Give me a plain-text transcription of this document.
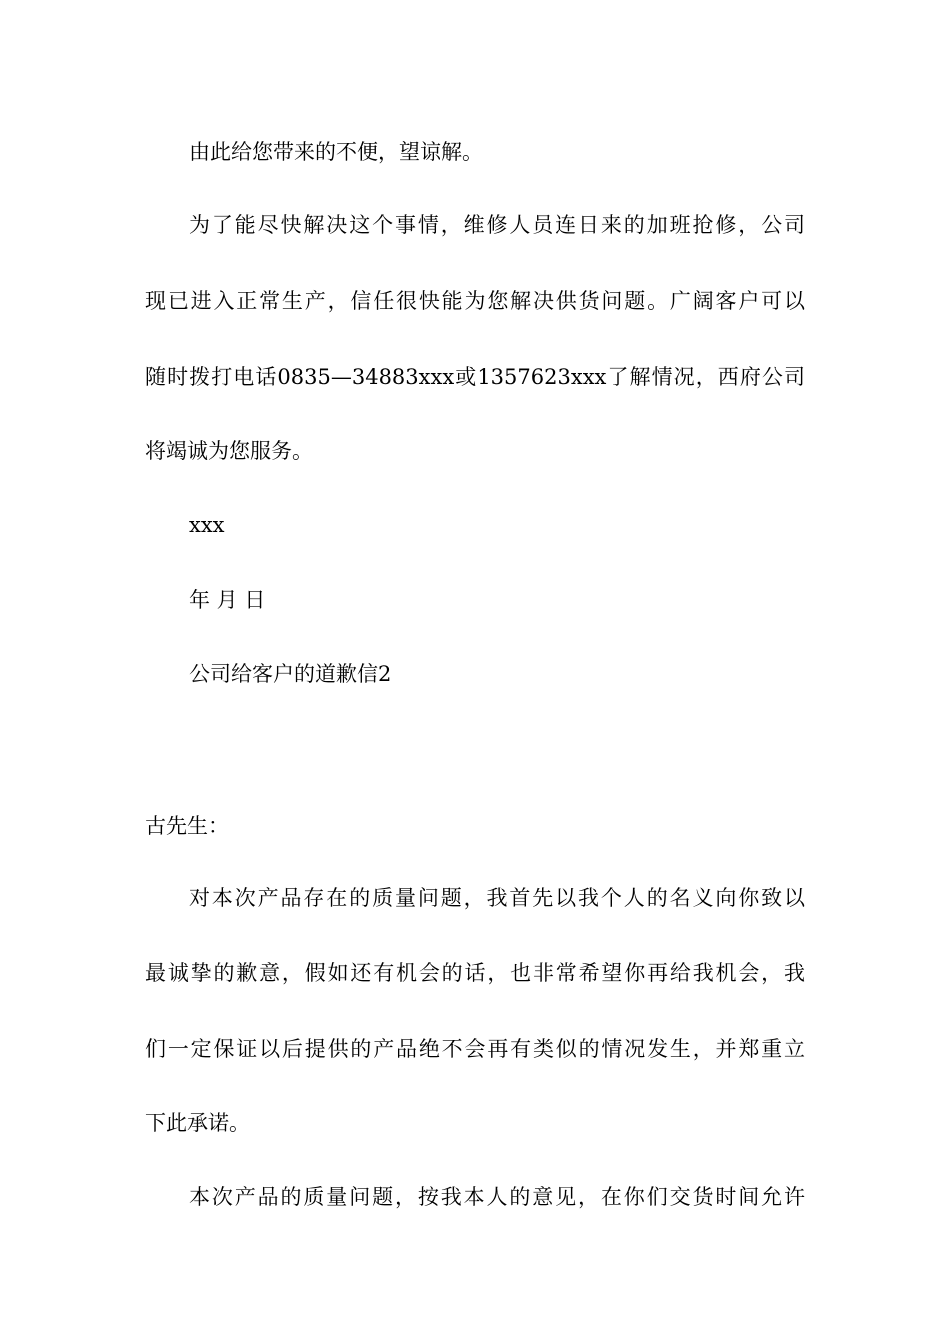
由此给您带来的不便，望谅解。
为了能尽快解决这个事情，维修人员连日来的加班抢修，公司
现已进入正常生产，信任很快能为您解决供货问题。广阔客户可以
随时拨打电话0835—34883xxx或1357623xxx了解情况，西府公司
将竭诚为您服务。
xxx
年 月 日
公司给客户的道歉信2
古先生：
对本次产品存在的质量问题，我首先以我个人的名义向你致以
最诚挚的歉意，假如还有机会的话，也非常希望你再给我机会，我
们一定保证以后提供的产品绝不会再有类似的情况发生，并郑重立
下此承诺。
本次产品的质量问题，按我本人的意见，在你们交货时间允许
